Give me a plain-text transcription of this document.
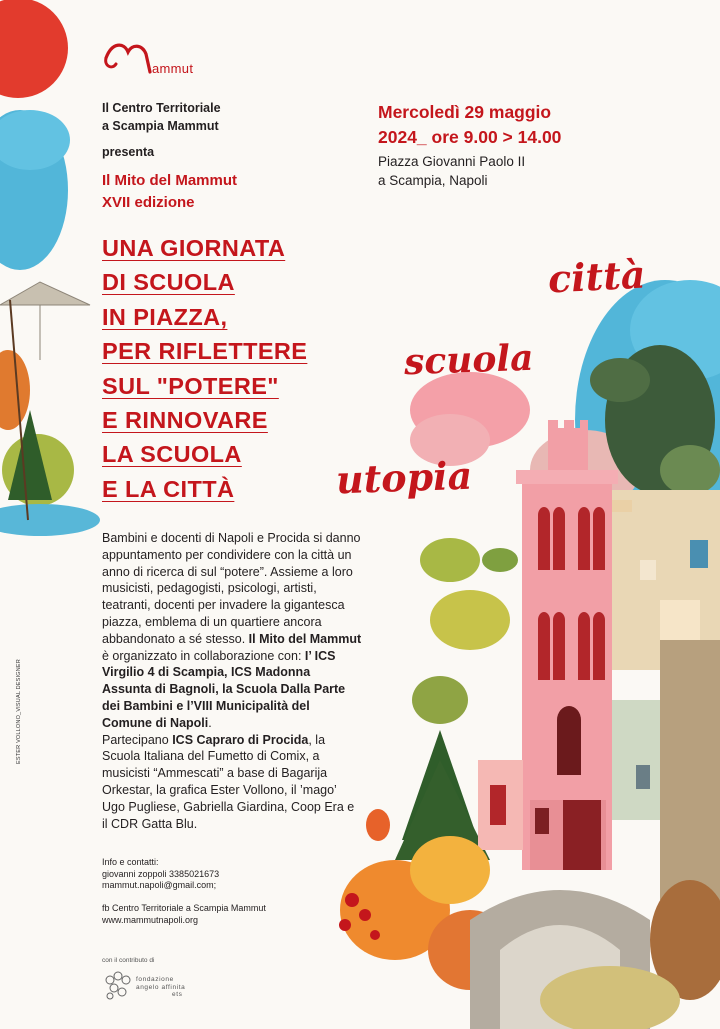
ammut
Il Centro Territoriale
a Scampia Mammut
presenta
Il Mito del Mammut
XVII edizione
Mercoledì 29 maggio
2024_ ore 9.00 > 14.00
Piazza Giovanni Paolo II
a Scampia, Napoli
UNA GIORNATA
DI SCUOLA
IN PIAZZA,
PER RIFLETTERE
SUL "POTERE"
E RINNOVARE
LA SCUOLA
E LA CITTÀ
città
scuola
utopia
Bambini e docenti di Napoli e Procida si danno appuntamento per condividere con la città un anno di ricerca di sul “potere”. Assieme a loro musicisti, pedagogisti, psicologi, artisti, teatranti, docenti per invadere la gigantesca piazza, emblema di un quartiere ancora abbandonato a sé stesso. Il Mito del Mammut è organizzato in collaborazione con: I’ ICS Virgilio 4 di Scampia, ICS Madonna Assunta di Bagnoli, la Scuola Dalla Parte dei Bambini e l’VIII Municipalità del Comune di Napoli.
Partecipano ICS Capraro di Procida, la Scuola Italiana del Fumetto di Comix, a musicisti “Ammescati” a base di Bagarija Orkestar, la grafica Ester Vollono, il ’mago’ Ugo Pugliese, Gabriella Giardina, Coop Era e il CDR Gatta Blu.
Info e contatti:
giovanni zoppoli 3385021673
mammut.napoli@gmail.com;
fb Centro Territoriale a Scampia Mammut
www.mammutnapoli.org
con il contributo di
fondazione
angelo affinita
ets
ESTER VOLLONO_VISUAL DESIGNER
